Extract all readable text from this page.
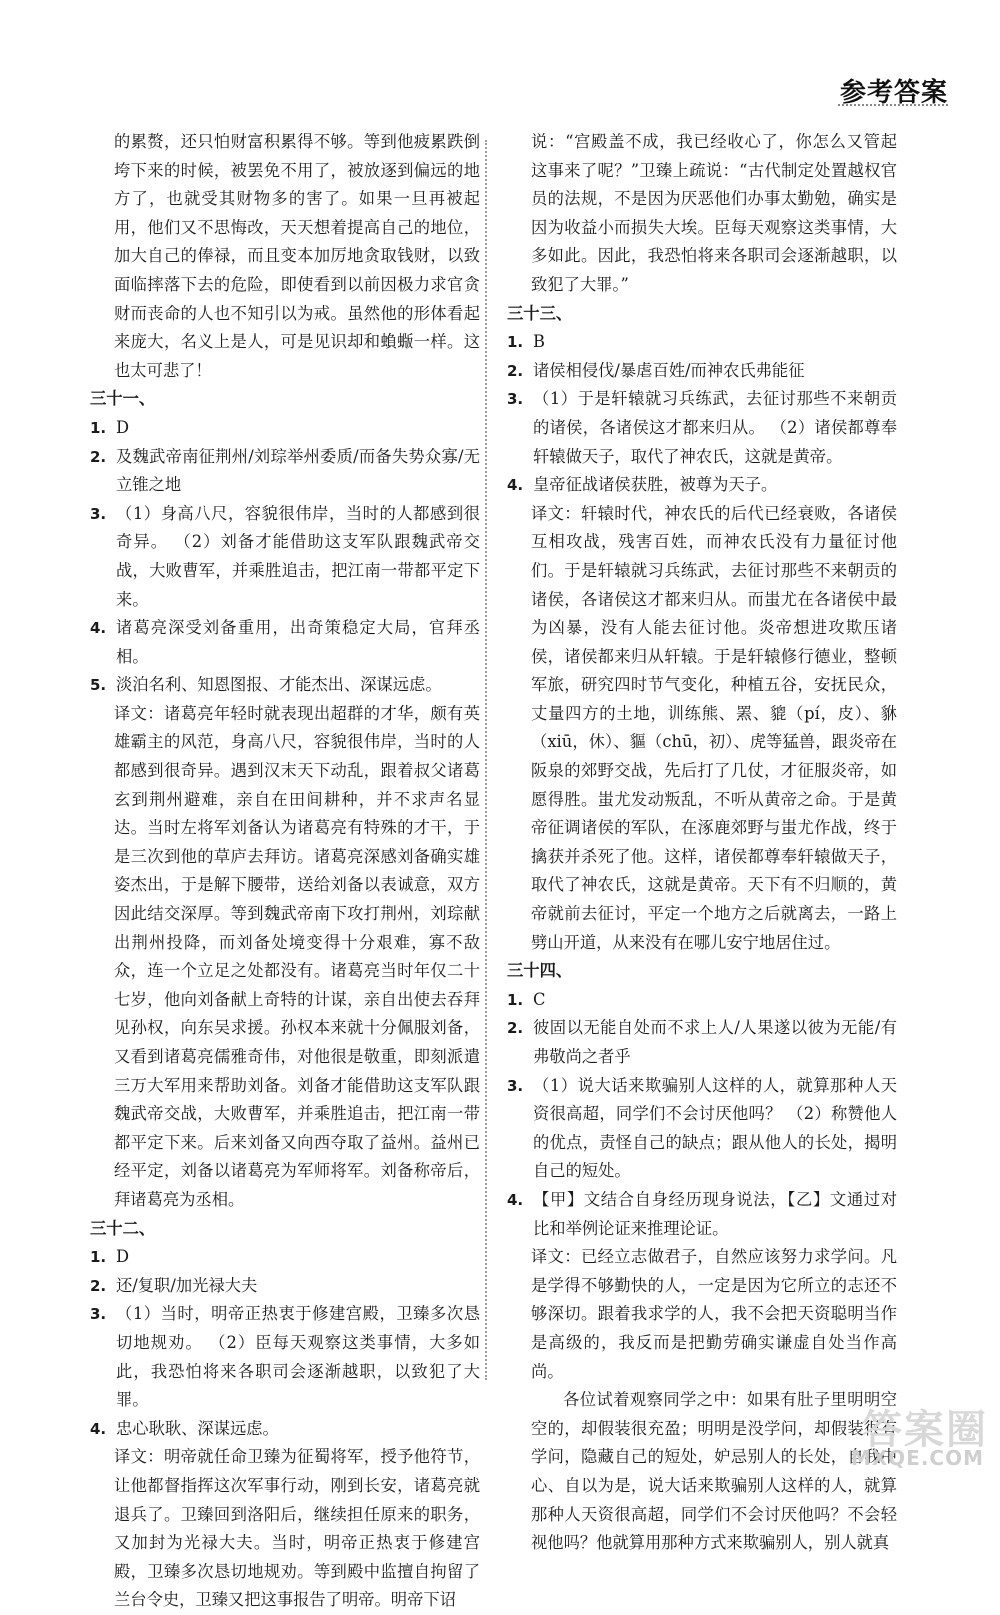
参考答案

的累赘，还只怕财富积累得不够。等到他疲累跌倒垮下来的时候，被罢免不用了，被放逐到偏远的地方了，也就受其财物多的害了。如果一旦再被起用，他们又不思悔改，天天想着提高自己的地位，加大自己的俸禄，而且变本加厉地贪取钱财，以致面临摔落下去的危险，即使看到以前因极力求官贪财而丧命的人也不知引以为戒。虽然他的形体看起来庞大，名义上是人，可是见识却和蝜蝂一样。这也太可悲了！

三十一、

1. D
2. 及魏武帝南征荆州/刘琮举州委质/而备失势众寡/无立锥之地
3. （1）身高八尺，容貌很伟岸，当时的人都感到很奇异。 （2）刘备才能借助这支军队跟魏武帝交战，大败曹军，并乘胜追击，把江南一带都平定下来。
4. 诸葛亮深受刘备重用，出奇策稳定大局，官拜丞相。
5. 淡泊名利、知恩图报、才能杰出、深谋远虑。

译文：诸葛亮年轻时就表现出超群的才华，颇有英雄霸主的风范，身高八尺，容貌很伟岸，当时的人都感到很奇异。遇到汉末天下动乱，跟着叔父诸葛玄到荆州避难，亲自在田间耕种，并不求声名显达。当时左将军刘备认为诸葛亮有特殊的才干，于是三次到他的草庐去拜访。诸葛亮深感刘备确实雄姿杰出，于是解下腰带，送给刘备以表诚意，双方因此结交深厚。等到魏武帝南下攻打荆州，刘琮献出荆州投降，而刘备处境变得十分艰难，寡不敌众，连一个立足之处都没有。诸葛亮当时年仅二十七岁，他向刘备献上奇特的计谋，亲自出使去吞拜见孙权，向东吴求援。孙权本来就十分佩服刘备，又看到诸葛亮儒雅奇伟，对他很是敬重，即刻派遣三万大军用来帮助刘备。刘备才能借助这支军队跟魏武帝交战，大败曹军，并乘胜追击，把江南一带都平定下来。后来刘备又向西夺取了益州。益州已经平定，刘备以诸葛亮为军师将军。刘备称帝后，拜诸葛亮为丞相。

三十二、

1. D
2. 还/复职/加光禄大夫
3. （1）当时，明帝正热衷于修建宫殿，卫臻多次恳切地规劝。 （2）臣每天观察这类事情，大多如此，我恐怕将来各职司会逐渐越职，以致犯了大罪。
4. 忠心耿耿、深谋远虑。

译文：明帝就任命卫臻为征蜀将军，授予他符节，让他都督指挥这次军事行动，刚到长安，诸葛亮就退兵了。卫臻回到洛阳后，继续担任原来的职务，又加封为光禄大夫。当时，明帝正热衷于修建宫殿，卫臻多次恳切地规劝。等到殿中监擅自拘留了兰台令史，卫臻又把这事报告了明帝。明帝下诏

说：“宫殿盖不成，我已经收心了，你怎么又管起这事来了呢？”卫臻上疏说：“古代制定处置越权官员的法规，不是因为厌恶他们办事太勤勉，确实是因为收益小而损失大埃。臣每天观察这类事情，大多如此。因此，我恐怕将来各职司会逐渐越职，以致犯了大罪。”

三十三、

1. B
2. 诸侯相侵伐/暴虐百姓/而神农氏弗能征
3. （1）于是轩辕就习兵练武，去征讨那些不来朝贡的诸侯，各诸侯这才都来归从。 （2）诸侯都尊奉轩辕做天子，取代了神农氏，这就是黄帝。
4. 皇帝征战诸侯获胜，被尊为天子。

译文：轩辕时代，神农氏的后代已经衰败，各诸侯互相攻战，残害百姓，而神农氏没有力量征讨他们。于是轩辕就习兵练武，去征讨那些不来朝贡的诸侯，各诸侯这才都来归从。而蚩尤在各诸侯中最为凶暴，没有人能去征讨他。炎帝想进攻欺压诸侯，诸侯都来归从轩辕。于是轩辕修行德业，整顿军旅，研究四时节气变化，种植五谷，安抚民众，丈量四方的土地，训练熊、罴、貔（pí，皮）、貅（xiū，休）、貙（chū，初）、虎等猛兽，跟炎帝在阪泉的郊野交战，先后打了几仗，才征服炎帝，如愿得胜。蚩尤发动叛乱，不听从黄帝之命。于是黄帝征调诸侯的军队，在涿鹿郊野与蚩尤作战，终于擒获并杀死了他。这样，诸侯都尊奉轩辕做天子，取代了神农氏，这就是黄帝。天下有不归顺的，黄帝就前去征讨，平定一个地方之后就离去，一路上劈山开道，从来没有在哪儿安宁地居住过。

三十四、

1. C
2. 彼固以无能自处而不求上人/人果遂以彼为无能/有弗敬尚之者乎
3. （1）说大话来欺骗别人这样的人，就算那种人天资很高超，同学们不会讨厌他吗？ （2）称赞他人的优点，责怪自己的缺点；跟从他人的长处，揭明自己的短处。
4. 【甲】文结合自身经历现身说法，【乙】文通过对比和举例论证来推理论证。

译文：已经立志做君子，自然应该努力求学问。凡是学得不够勤快的人，一定是因为它所立的志还不够深切。跟着我求学的人，我不会把天资聪明当作是高级的，我反而是把勤劳确实谦虚自处当作高尚。

各位试着观察同学之中：如果有肚子里明明空空的，却假装很充盈；明明是没学问，却假装很有学问，隐藏自己的短处，妒忌别人的长处，自我中心、自以为是，说大话来欺骗别人这样的人，就算那种人天资很高超，同学们不会讨厌他吗？不会轻视他吗？他就算用那种方式来欺骗别人，别人就真

答案圈
MXQE.COM
